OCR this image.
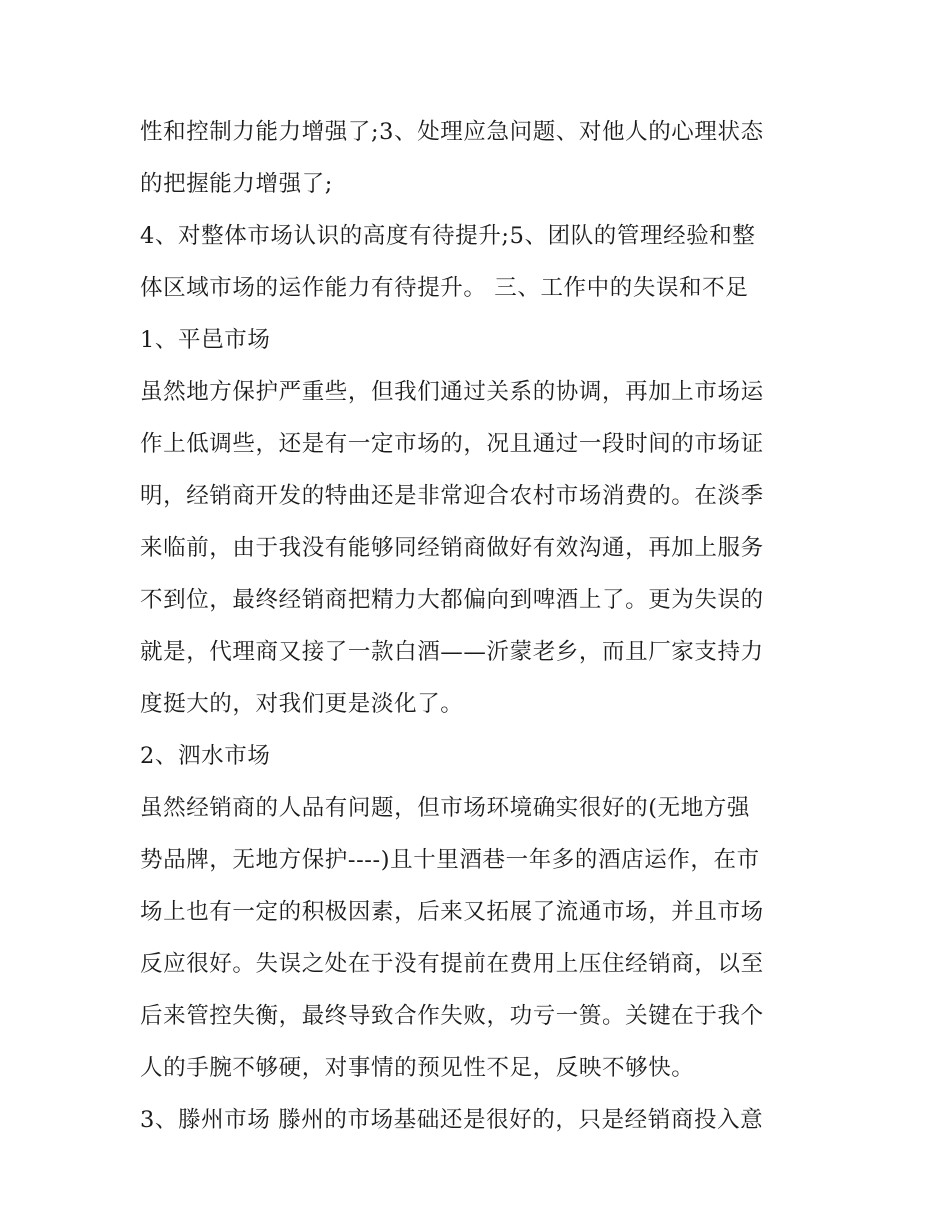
性和控制力能力增强了;3、处理应急问题、对他人的心理状态
的把握能力增强了;
4、对整体市场认识的高度有待提升;5、团队的管理经验和整
体区域市场的运作能力有待提升。 三、工作中的失误和不足
1、平邑市场
虽然地方保护严重些，但我们通过关系的协调，再加上市场运
作上低调些，还是有一定市场的，况且通过一段时间的市场证
明，经销商开发的特曲还是非常迎合农村市场消费的。在淡季
来临前，由于我没有能够同经销商做好有效沟通，再加上服务
不到位，最终经销商把精力大都偏向到啤酒上了。更为失误的
就是，代理商又接了一款白酒——沂蒙老乡，而且厂家支持力
度挺大的，对我们更是淡化了。
2、泗水市场
虽然经销商的人品有问题，但市场环境确实很好的(无地方强
势品牌，无地方保护----)且十里酒巷一年多的酒店运作，在市
场上也有一定的积极因素，后来又拓展了流通市场，并且市场
反应很好。失误之处在于没有提前在费用上压住经销商，以至
后来管控失衡，最终导致合作失败，功亏一篑。关键在于我个
人的手腕不够硬，对事情的预见性不足，反映不够快。
3、滕州市场 滕州的市场基础还是很好的，只是经销商投入意
